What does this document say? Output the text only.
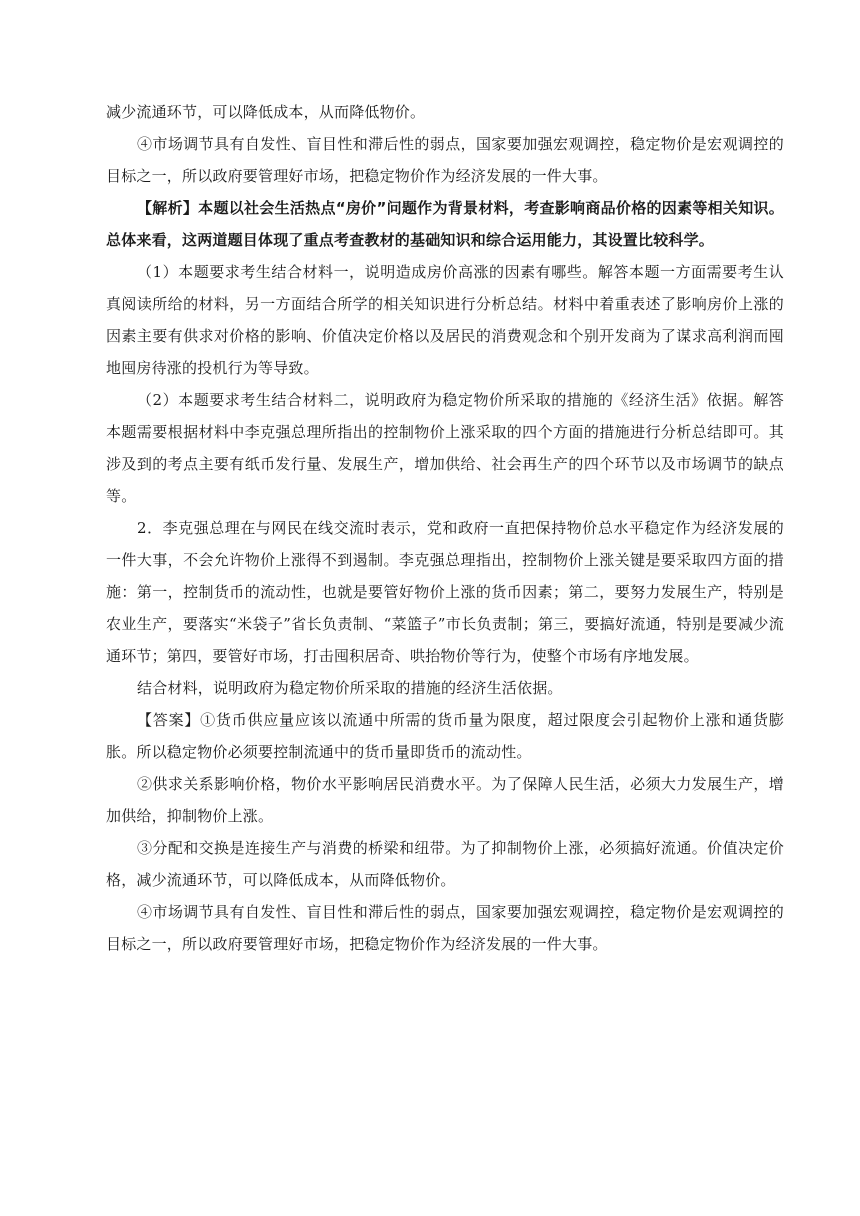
减少流通环节，可以降低成本，从而降低物价。

④市场调节具有自发性、盲目性和滞后性的弱点，国家要加强宏观调控，稳定物价是宏观调控的目标之一，所以政府要管理好市场，把稳定物价作为经济发展的一件大事。

【解析】本题以社会生活热点“房价”问题作为背景材料，考查影响商品价格的因素等相关知识。总体来看，这两道题目体现了重点考查教材的基础知识和综合运用能力，其设置比较科学。

（1）本题要求考生结合材料一，说明造成房价高涨的因素有哪些。解答本题一方面需要考生认真阅读所给的材料，另一方面结合所学的相关知识进行分析总结。材料中着重表述了影响房价上涨的因素主要有供求对价格的影响、价值决定价格以及居民的消费观念和个别开发商为了谋求高利润而囤地囤房待涨的投机行为等导致。

（2）本题要求考生结合材料二，说明政府为稳定物价所采取的措施的《经济生活》依据。解答本题需要根据材料中李克强总理所指出的控制物价上涨采取的四个方面的措施进行分析总结即可。其涉及到的考点主要有纸币发行量、发展生产，增加供给、社会再生产的四个环节以及市场调节的缺点等。

2．李克强总理在与网民在线交流时表示，党和政府一直把保持物价总水平稳定作为经济发展的一件大事，不会允许物价上涨得不到遏制。李克强总理指出，控制物价上涨关键是要采取四方面的措施：第一，控制货币的流动性，也就是要管好物价上涨的货币因素；第二，要努力发展生产，特别是农业生产，要落实“米袋子”省长负责制、“菜篮子”市长负责制；第三，要搞好流通，特别是要减少流通环节；第四，要管好市场，打击囤积居奇、哄抬物价等行为，使整个市场有序地发展。

结合材料，说明政府为稳定物价所采取的措施的经济生活依据。

【答案】①货币供应量应该以流通中所需的货币量为限度，超过限度会引起物价上涨和通货膨胀。所以稳定物价必须要控制流通中的货币量即货币的流动性。

②供求关系影响价格，物价水平影响居民消费水平。为了保障人民生活，必须大力发展生产，增加供给，抑制物价上涨。

③分配和交换是连接生产与消费的桥梁和纽带。为了抑制物价上涨，必须搞好流通。价值决定价格，减少流通环节，可以降低成本，从而降低物价。

④市场调节具有自发性、盲目性和滞后性的弱点，国家要加强宏观调控，稳定物价是宏观调控的目标之一，所以政府要管理好市场，把稳定物价作为经济发展的一件大事。
